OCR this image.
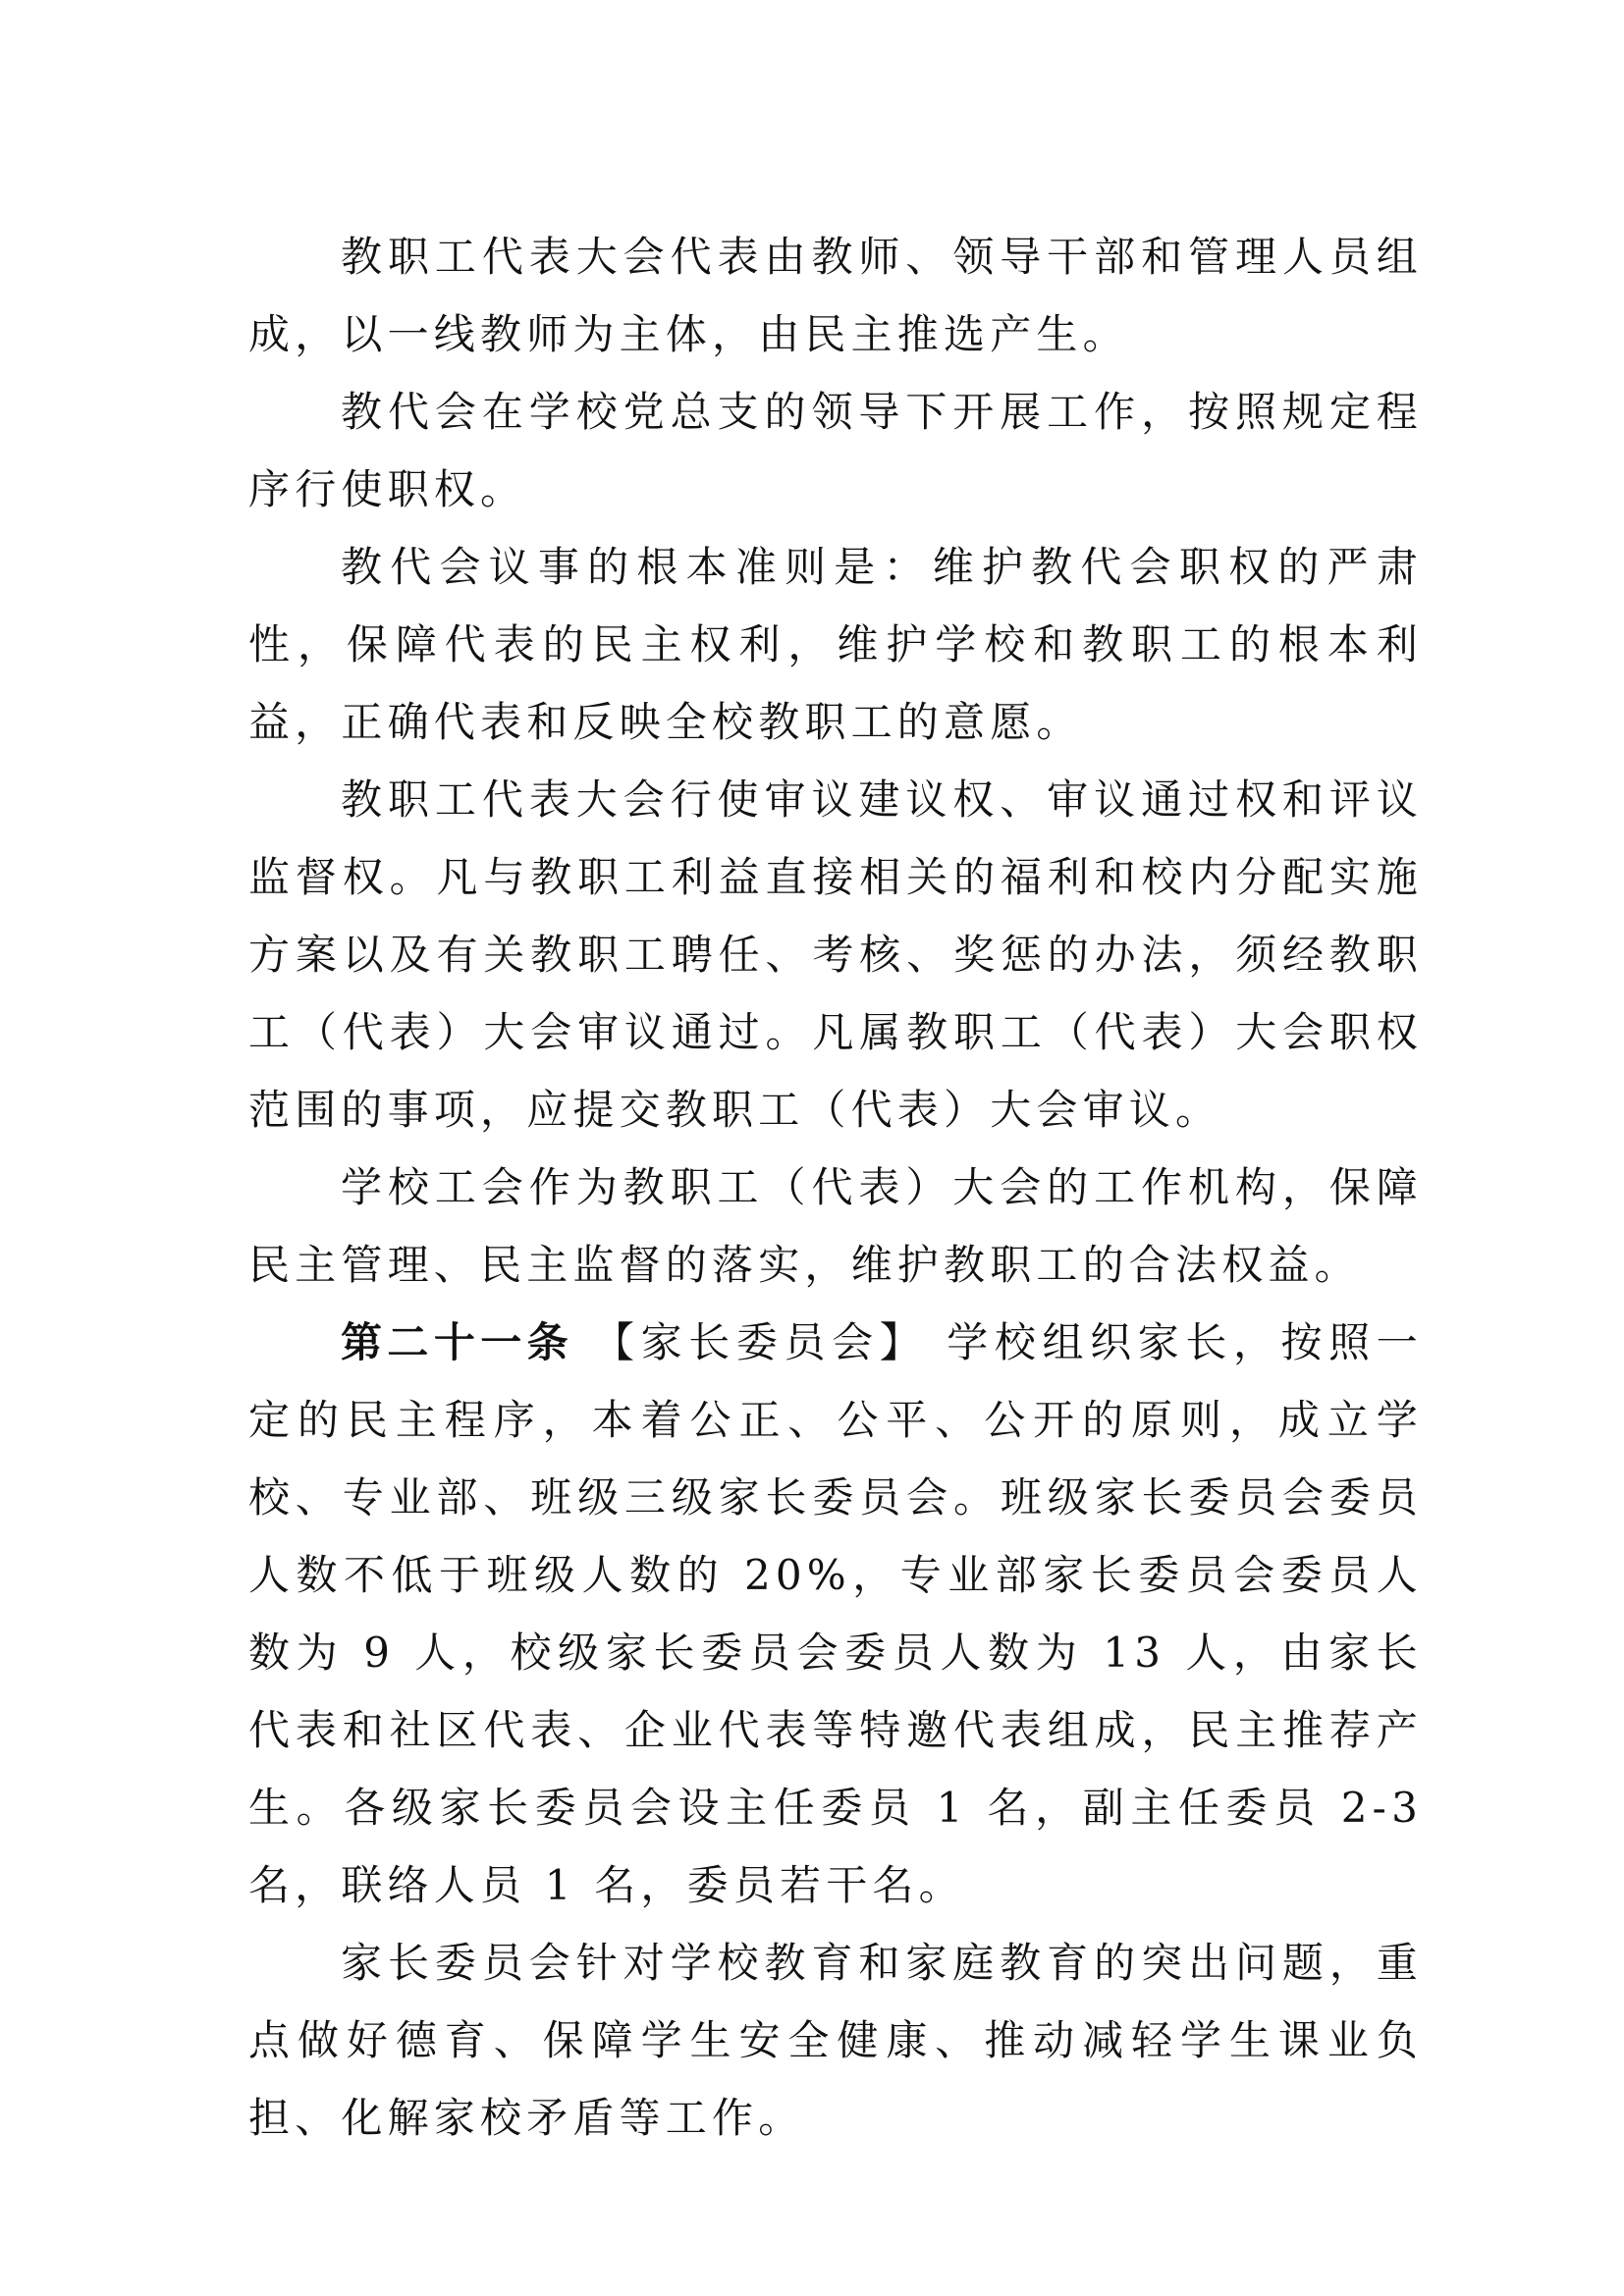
教职工代表大会代表由教师、领导干部和管理人员组成，以一线教师为主体，由民主推选产生。

教代会在学校党总支的领导下开展工作，按照规定程序行使职权。

教代会议事的根本准则是：维护教代会职权的严肃性，保障代表的民主权利，维护学校和教职工的根本利益，正确代表和反映全校教职工的意愿。

教职工代表大会行使审议建议权、审议通过权和评议监督权。凡与教职工利益直接相关的福利和校内分配实施方案以及有关教职工聘任、考核、奖惩的办法，须经教职工（代表）大会审议通过。凡属教职工（代表）大会职权范围的事项，应提交教职工（代表）大会审议。

学校工会作为教职工（代表）大会的工作机构，保障民主管理、民主监督的落实，维护教职工的合法权益。

第二十一条 【家长委员会】 学校组织家长，按照一定的民主程序，本着公正、公平、公开的原则，成立学校、专业部、班级三级家长委员会。班级家长委员会委员人数不低于班级人数的 20%，专业部家长委员会委员人数为 9 人，校级家长委员会委员人数为 13 人，由家长代表和社区代表、企业代表等特邀代表组成，民主推荐产生。各级家长委员会设主任委员 1 名，副主任委员 2-3 名，联络人员 1 名，委员若干名。

家长委员会针对学校教育和家庭教育的突出问题，重点做好德育、保障学生安全健康、推动减轻学生课业负担、化解家校矛盾等工作。
